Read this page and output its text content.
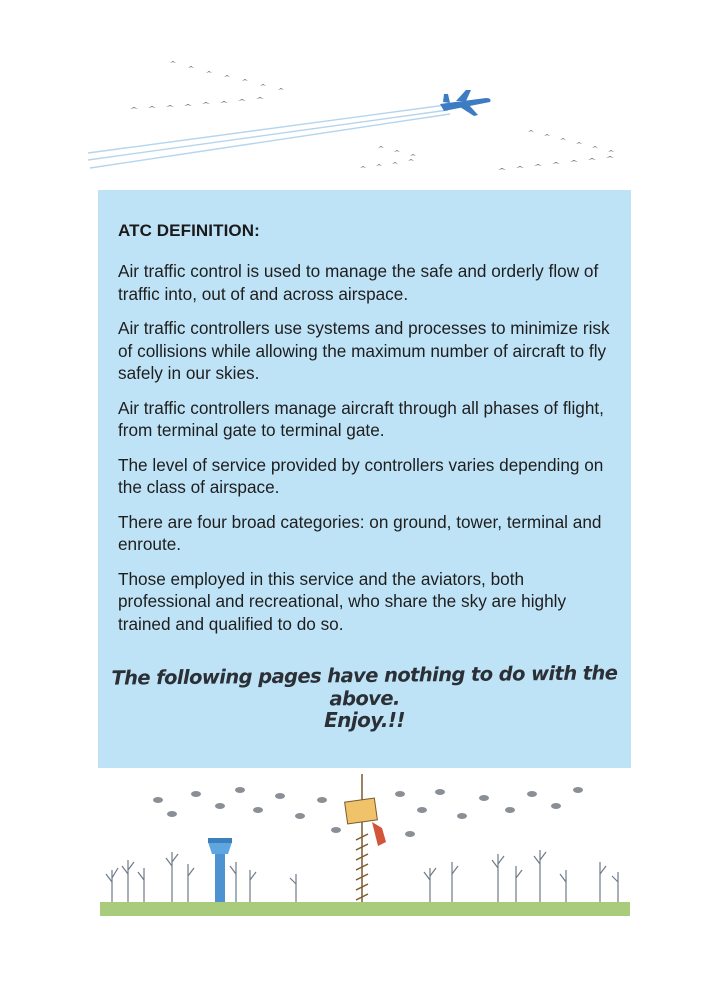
ATC DEFINITION:

Air traffic control is used to manage the safe and orderly flow of traffic into, out of and across airspace.

Air traffic controllers use systems and processes to minimize risk of collisions while allowing the maximum number of aircraft to fly safely in our skies.

Air traffic controllers manage aircraft through all phases of flight, from terminal gate to terminal gate.

The level of service provided by controllers varies depending on the class of airspace.

There are four broad categories: on ground, tower, terminal and enroute.

Those employed in this service and the aviators, both professional and recreational, who share the sky are highly trained and qualified to do so.

The following pages have nothing to do with the above.

Enjoy.!!
